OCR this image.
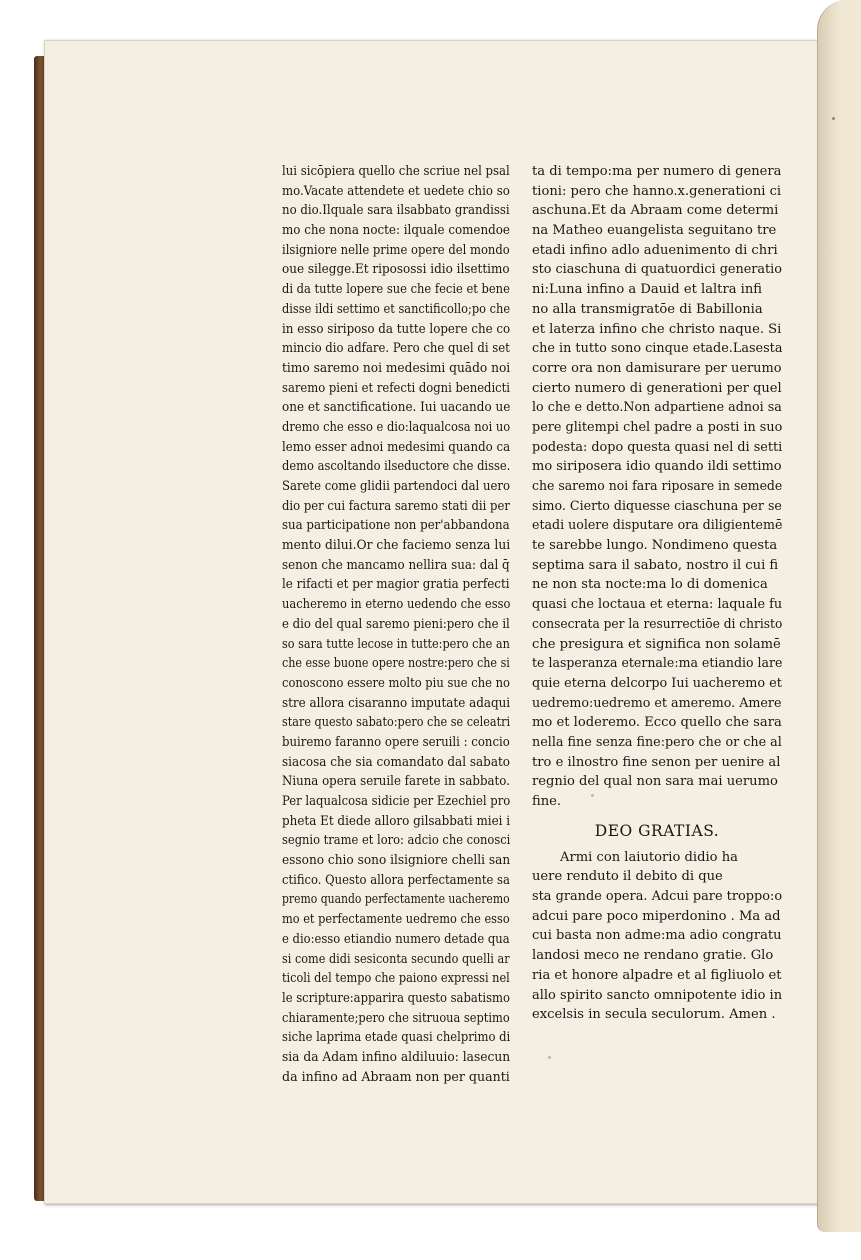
lui sicōpiera quello che scriue nel psal
mo.Vacate attendete et uedete chio so
no dio.Ilquale sara ilsabbato grandissi
mo che nona nocte: ilquale comendoe
ilsigniore nelle prime opere del mondo
oue silegge.Et riposossi idio ilsettimo
di da tutte lopere sue che fecie et bene
disse ildi settimo et sanctificollo;po che
in esso siriposo da tutte lopere che co
mincio dio adfare. Pero che quel di set
timo saremo noi medesimi quādo noi
saremo pieni et refecti dogni benedicti
one et sanctificatione. Iui uacando ue
dremo che esso e dio:laqualcosa noi uo
lemo esser adnoi medesimi quando ca
demo ascoltando ilseductore che disse.
Sarete come glidii partendoci dal uero
dio per cui factura saremo stati dii per
sua participatione non per'abbandona
mento dilui.Or che faciemo senza lui
senon che mancamo nellira sua: dal q̄
le rifacti et per magior gratia perfecti
uacheremo in eterno uedendo che esso
e dio del qual saremo pieni:pero che il
so sara tutte lecose in tutte:pero che an
che esse buone opere nostre:pero che si
conoscono essere molto piu sue che no
stre allora cisaranno imputate adaqui
stare questo sabato:pero che se celeatri
buiremo faranno opere seruili : concio
siacosa che sia comandato dal sabato
Niuna opera seruile farete in sabbato.
Per laqualcosa sidicie per Ezechiel pro
pheta Et diede alloro gilsabbati miei i
segnio trame et loro: adcio che conosci
essono chio sono ilsigniore chelli san
ctifico. Questo allora perfectamente sa
premo quando perfectamente uacheremo
mo et perfectamente uedremo che esso
e dio:esso etiandio numero detade qua
si come didi sesiconta secundo quelli ar
ticoli del tempo che paiono expressi nel
le scripture:apparira questo sabatismo
chiaramente;pero che sitruoua septimo
siche laprima etade quasi chelprimo di
sia da Adam infino aldiluuio: lasecun
da infino ad Abraam non per quanti
ta di tempo:ma per numero di genera
tioni: pero che hanno.x.generationi ci
aschuna.Et da Abraam come determi
na Matheo euangelista seguitano tre
etadi infino adlo aduenimento di chri
sto ciaschuna di quatuordici generatio
ni:Luna infino a Dauid et laltra infi
no alla transmigratōe di Babillonia
et laterza infino che christo naque. Si
che in tutto sono cinque etade.Lasesta
corre ora non damisurare per uerumo
cierto numero di generationi per quel
lo che e detto.Non adpartiene adnoi sa
pere glitempi chel padre a posti in suo
podesta: dopo questa quasi nel di setti
mo siriposera idio quando ildi settimo
che saremo noi fara riposare in semede
simo. Cierto diquesse ciaschuna per se
etadi uolere disputare ora diligientemē
te sarebbe lungo. Nondimeno questa
septima sara il sabato, nostro il cui fi
ne non sta nocte:ma lo di domenica
quasi che loctaua et eterna: laquale fu
consecrata per la resurrectiōe di christo
che presigura et significa non solamē
te lasperanza eternale:ma etiandio lare
quie eterna delcorpo Iui uacheremo et
uedremo:uedremo et ameremo. Amere
mo et loderemo. Ecco quello che sara
nella fine senza fine:pero che or che al
tro e ilnostro fine senon per uenire al
regnio del qual non sara mai uerumo
fine.
DEO GRATIAS.
Armi con laiutorio didio ha
uere renduto il debito di que
sta grande opera. Adcui pare troppo:o
adcui pare poco miperdonino . Ma ad
cui basta non adme:ma adio congratu
landosi meco ne rendano gratie. Glo
ria et honore alpadre et al figliuolo et
allo spirito sancto omnipotente idio in
excelsis in secula seculorum. Amen .
